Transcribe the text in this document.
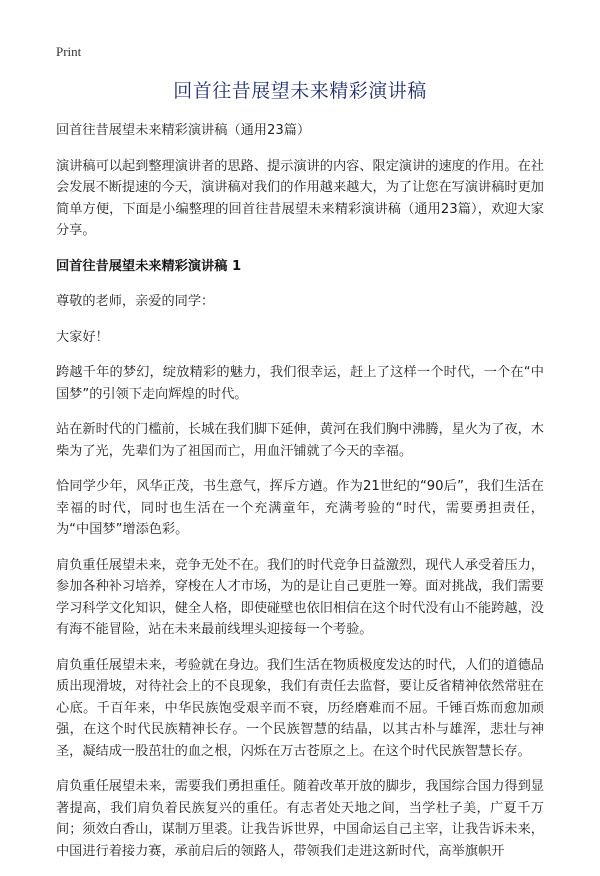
Print
回首往昔展望未来精彩演讲稿

回首往昔展望未来精彩演讲稿（通用23篇）

演讲稿可以起到整理演讲者的思路、提示演讲的内容、限定演讲的速度的作用。在社会发展不断提速的今天，演讲稿对我们的作用越来越大，为了让您在写演讲稿时更加简单方便，下面是小编整理的回首往昔展望未来精彩演讲稿（通用23篇），欢迎大家分享。

回首往昔展望未来精彩演讲稿 1

尊敬的老师，亲爱的同学：

大家好！

跨越千年的梦幻，绽放精彩的魅力，我们很幸运，赶上了这样一个时代，一个在“中国梦”的引领下走向辉煌的时代。

站在新时代的门槛前，长城在我们脚下延伸，黄河在我们胸中沸腾，星火为了夜，木柴为了光，先辈们为了祖国而亡，用血汗铺就了今天的幸福。

恰同学少年，风华正茂，书生意气，挥斥方遒。作为21世纪的“90后”，我们生活在幸福的时代，同时也生活在一个充满童年，充满考验的“时代，需要勇担责任，为“中国梦”增添色彩。

肩负重任展望未来，竞争无处不在。我们的时代竞争日益激烈，现代人承受着压力，参加各种补习培养，穿梭在人才市场，为的是让自己更胜一筹。面对挑战，我们需要学习科学文化知识，健全人格，即使碰壁也依旧相信在这个时代没有山不能跨越，没有海不能冒险，站在未来最前线埋头迎接每一个考验。

肩负重任展望未来，考验就在身边。我们生活在物质极度发达的时代，人们的道德品质出现滑坡，对待社会上的不良现象，我们有责任去监督，要让反省精神依然常驻在心底。千百年来，中华民族饱受艰辛而不衰，历经磨难而不屈。千锤百炼而愈加顽强，在这个时代民族精神长存。一个民族智慧的结晶，以其古朴与雄浑，悲壮与神圣，凝结成一股茁壮的血之根，闪烁在万古苍原之上。在这个时代民族智慧长存。

肩负重任展望未来，需要我们勇担重任。随着改革开放的脚步，我国综合国力得到显著提高，我们肩负着民族复兴的重任。有志者处天地之间，当学杜子美，广夏千万间；须效白香山，谋制万里裘。让我告诉世界，中国命运自己主宰，让我告诉未来，中国进行着接力赛，承前启后的领路人，带领我们走进这新时代，高举旗帜开
